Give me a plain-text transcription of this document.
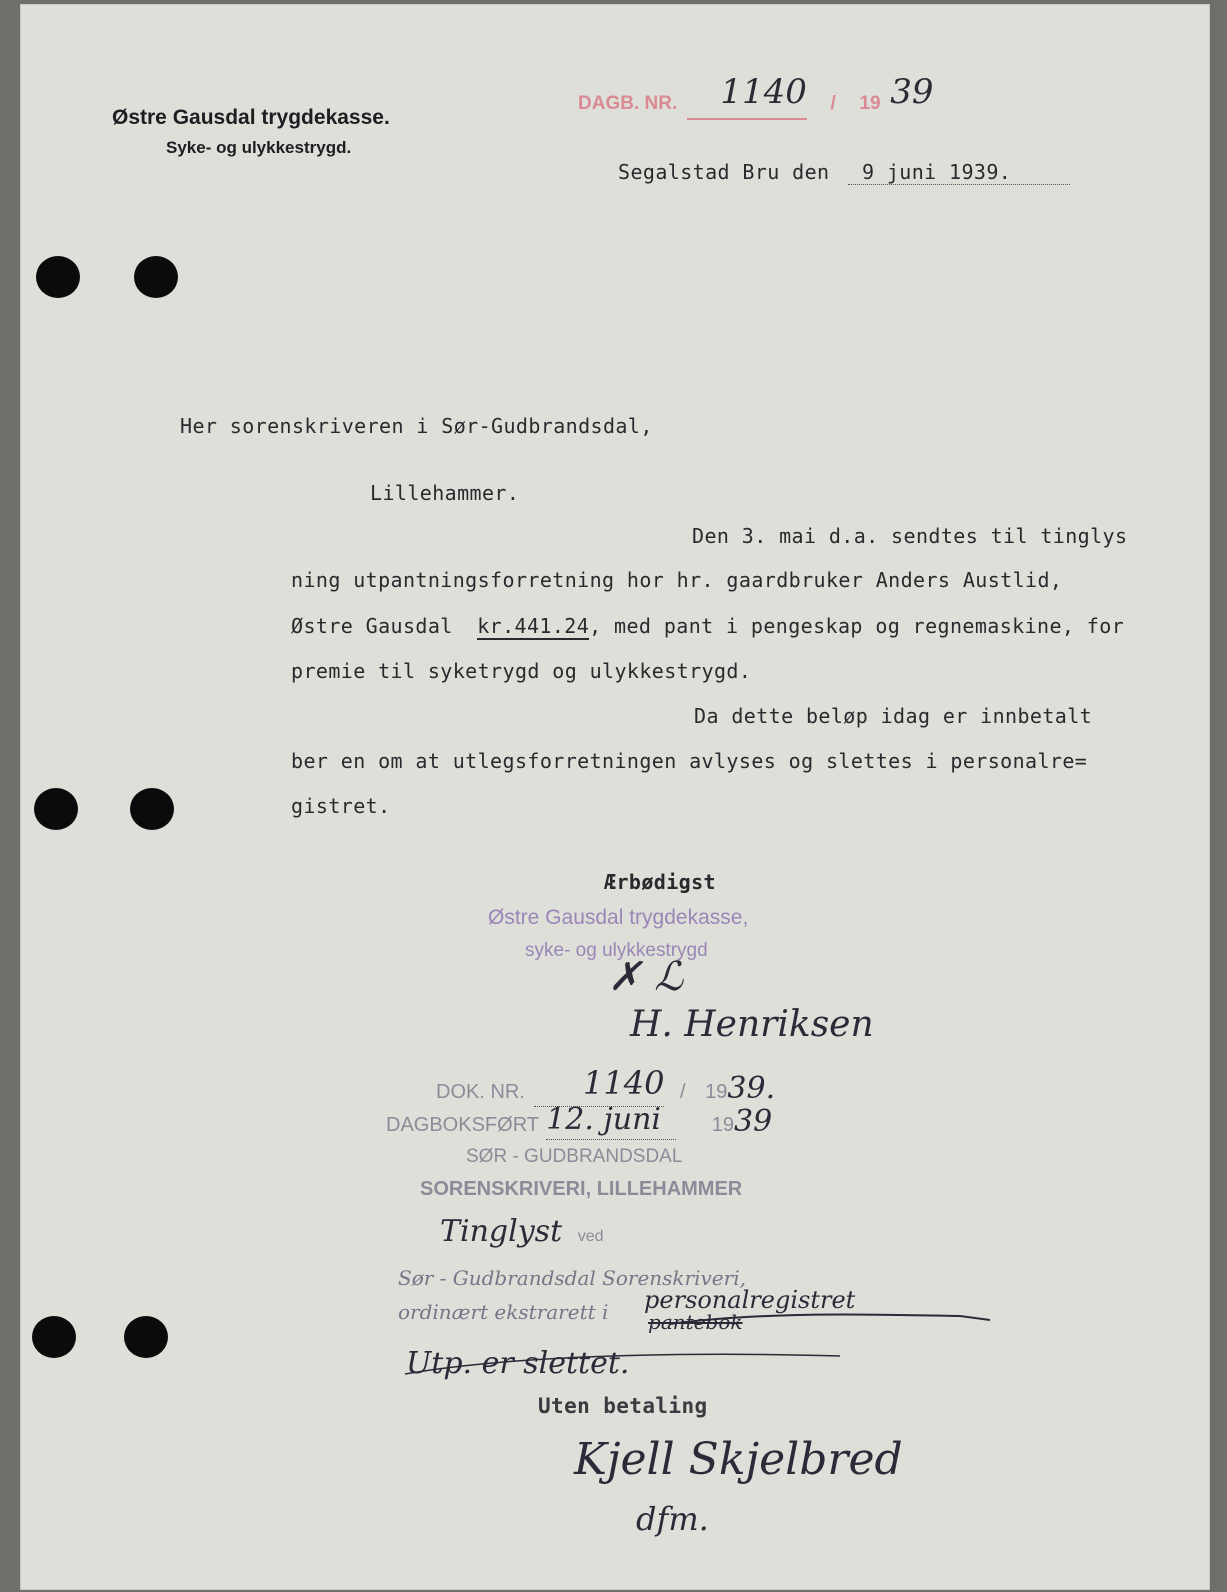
DAGB. NR. 1140 / 19 39
Østre Gausdal trygdekasse.
Syke- og ulykkestrygd.
Segalstad Bru den 9 juni 1939.
Her sorenskriveren i Sør-Gudbrandsdal,
Lillehammer.
Den 3. mai d.a. sendtes til tinglys
ning utpantningsforretning hor hr. gaardbruker Anders Austlid,
Østre Gausdal kr.441.24, med pant i pengeskap og regnemaskine, for
premie til syketrygd og ulykkestrygd.
Da dette beløp idag er innbetalt
ber en om at utlegsforretningen avlyses og slettes i personalre=
gistret.
Ærbødigst
Østre Gausdal trygdekasse,
syke- og ulykkestrygd
✗ ℒ
H. Henriksen
DOK. NR. 1140 / 1939.
DAGBOKSFØRT 12. juni	1939
SØR - GUDBRANDSDAL
SORENSKRIVERI, LILLEHAMMER
Tinglyst ved
Sør - Gudbrandsdal Sorenskriveri,
ordinært ekstrarett i personalregistret
pantebok
Utp. er slettet.
Uten betaling
Kjell Skjelbred
dfm.
